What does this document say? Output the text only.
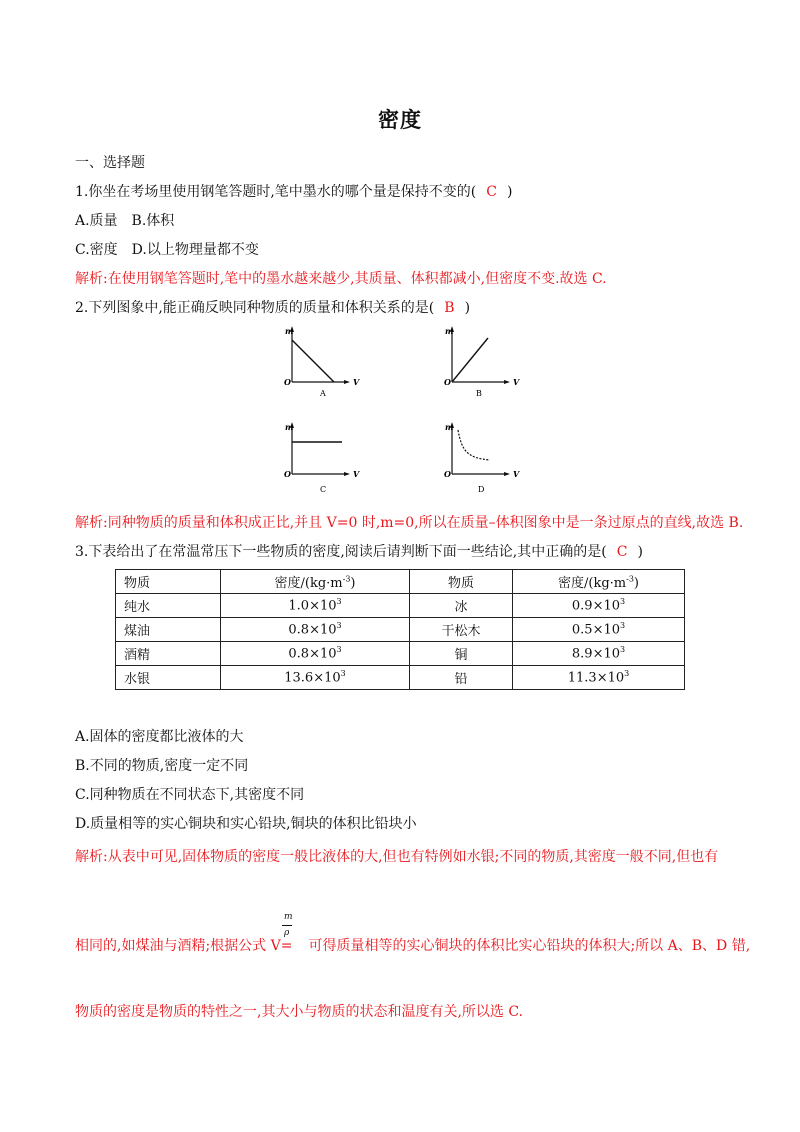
密度
一、选择题
1.你坐在考场里使用钢笔答题时,笔中墨水的哪个量是保持不变的( C )
A.质量　B.体积
C.密度　D.以上物理量都不变
解析:在使用钢笔答题时,笔中的墨水越来越少,其质量、体积都减小,但密度不变.故选 C.
2.下列图象中,能正确反映同种物质的质量和体积关系的是( B )
m
O	V
A
m
O	V
B
m
O	V
C
m
O	V
D
解析:同种物质的质量和体积成正比,并且 V=0 时,m=0,所以在质量–体积图象中是一条过原点的直线,故选 B.
3.下表给出了在常温常压下一些物质的密度,阅读后请判断下面一些结论,其中正确的是( C )
物质	密度$/(kg\cdot m^{-3})$	物质	密度$/(kg\cdot m^{-3})$
纯水	$1.0\times 10^3$	冰	$0.9\times 10^3$
煤油	$0.8\times 10^3$	干松木	$0.5\times 10^3$
酒精	$0.8\times 10^3$	铜	$8.9\times 10^3$
水银	$13.6\times 10^3$	铅	$11.3\times 10^3$
A.固体的密度都比液体的大
B.不同的物质,密度一定不同
C.同种物质在不同状态下,其密度不同
D.质量相等的实心铜块和实心铅块,铜块的体积比铅块小
解析:从表中可见,固体物质的密度一般比液体的大,但也有特例如水银;不同的物质,其密度一般不同,但也有
m
ρ
相同的,如煤油与酒精;根据公式 V= 可得质量相等的实心铜块的体积比实心铅块的体积大;所以 A、B、D 错,
物质的密度是物质的特性之一,其大小与物质的状态和温度有关,所以选 C.
